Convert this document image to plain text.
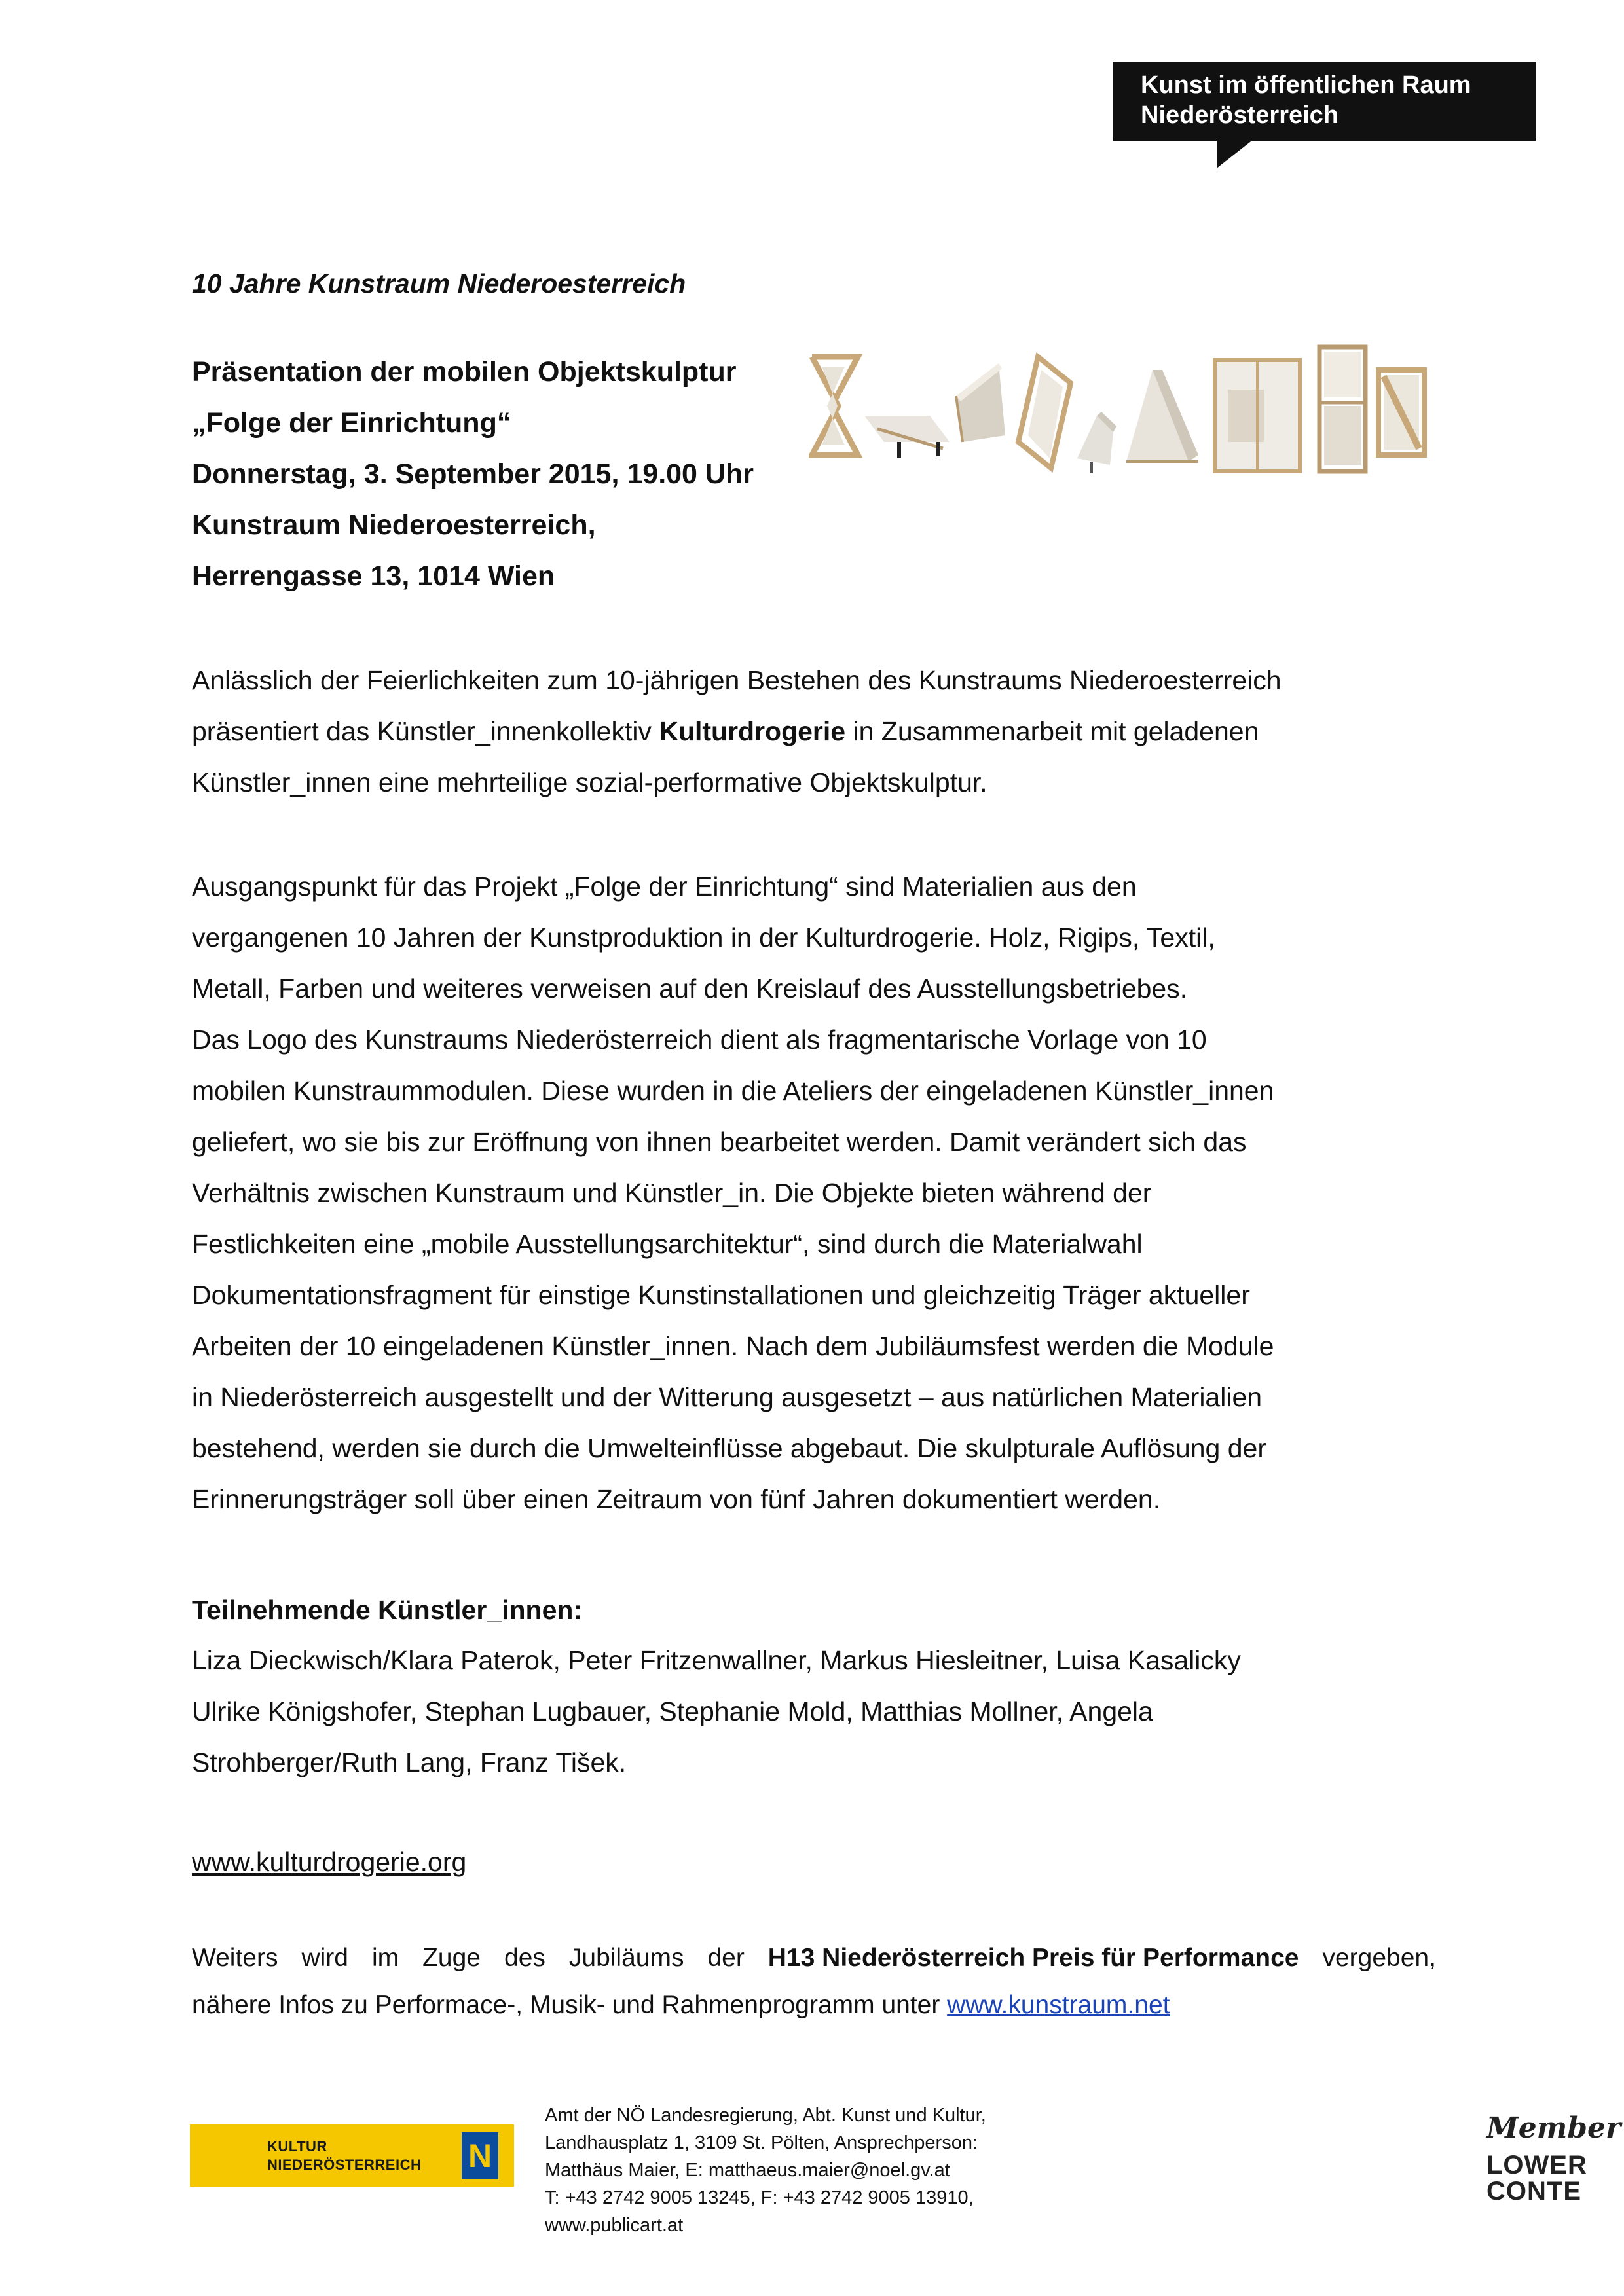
Kunst im öffentlichen Raum
Niederösterreich
10 Jahre Kunstraum Niederoesterreich
Präsentation der mobilen Objektskulptur
„Folge der Einrichtung“
Donnerstag, 3. September 2015, 19.00 Uhr
Kunstraum Niederoesterreich,
Herrengasse 13, 1014 Wien
Anlässlich der Feierlichkeiten zum 10-jährigen Bestehen des Kunstraums Niederoesterreich
präsentiert das Künstler_innenkollektiv Kulturdrogerie in Zusammenarbeit mit geladenen
Künstler_innen eine mehrteilige sozial-performative Objektskulptur.
Ausgangspunkt für das Projekt „Folge der Einrichtung“ sind Materialien aus den
vergangenen 10 Jahren der Kunstproduktion in der Kulturdrogerie. Holz, Rigips, Textil,
Metall, Farben und weiteres verweisen auf den Kreislauf des Ausstellungsbetriebes.
Das Logo des Kunstraums Niederösterreich dient als fragmentarische Vorlage von 10
mobilen Kunstraummodulen. Diese wurden in die Ateliers der eingeladenen Künstler_innen
geliefert, wo sie bis zur Eröffnung von ihnen bearbeitet werden. Damit verändert sich das
Verhältnis zwischen Kunstraum und Künstler_in. Die Objekte bieten während der
Festlichkeiten eine „mobile Ausstellungsarchitektur“, sind durch die Materialwahl
Dokumentationsfragment für einstige Kunstinstallationen und gleichzeitig Träger aktueller
Arbeiten der 10 eingeladenen Künstler_innen. Nach dem Jubiläumsfest werden die Module
in Niederösterreich ausgestellt und der Witterung ausgesetzt – aus natürlichen Materialien
bestehend, werden sie durch die Umwelteinflüsse abgebaut. Die skulpturale Auflösung der
Erinnerungsträger soll über einen Zeitraum von fünf Jahren dokumentiert werden.
Teilnehmende Künstler_innen:
Liza Dieckwisch/Klara Paterok, Peter Fritzenwallner, Markus Hiesleitner, Luisa Kasalicky
Ulrike Königshofer, Stephan Lugbauer, Stephanie Mold, Matthias Mollner, Angela
Strohberger/Ruth Lang, Franz Tišek.
www.kulturdrogerie.org
Weiters wird im Zuge des Jubiläums der H13 Niederösterreich Preis für Performance vergeben,
nähere Infos zu Performace-, Musik- und Rahmenprogramm unter www.kunstraum.net
KULTUR
NIEDERÖSTERREICH N
Amt der NÖ Landesregierung, Abt. Kunst und Kultur,
Landhausplatz 1, 3109 St. Pölten, Ansprechperson:
Matthäus Maier, E: matthaeus.maier@noel.gv.at
T: +43 2742 9005 13245, F: +43 2742 9005 13910,
www.publicart.at
Member
LOWER
CONTE
